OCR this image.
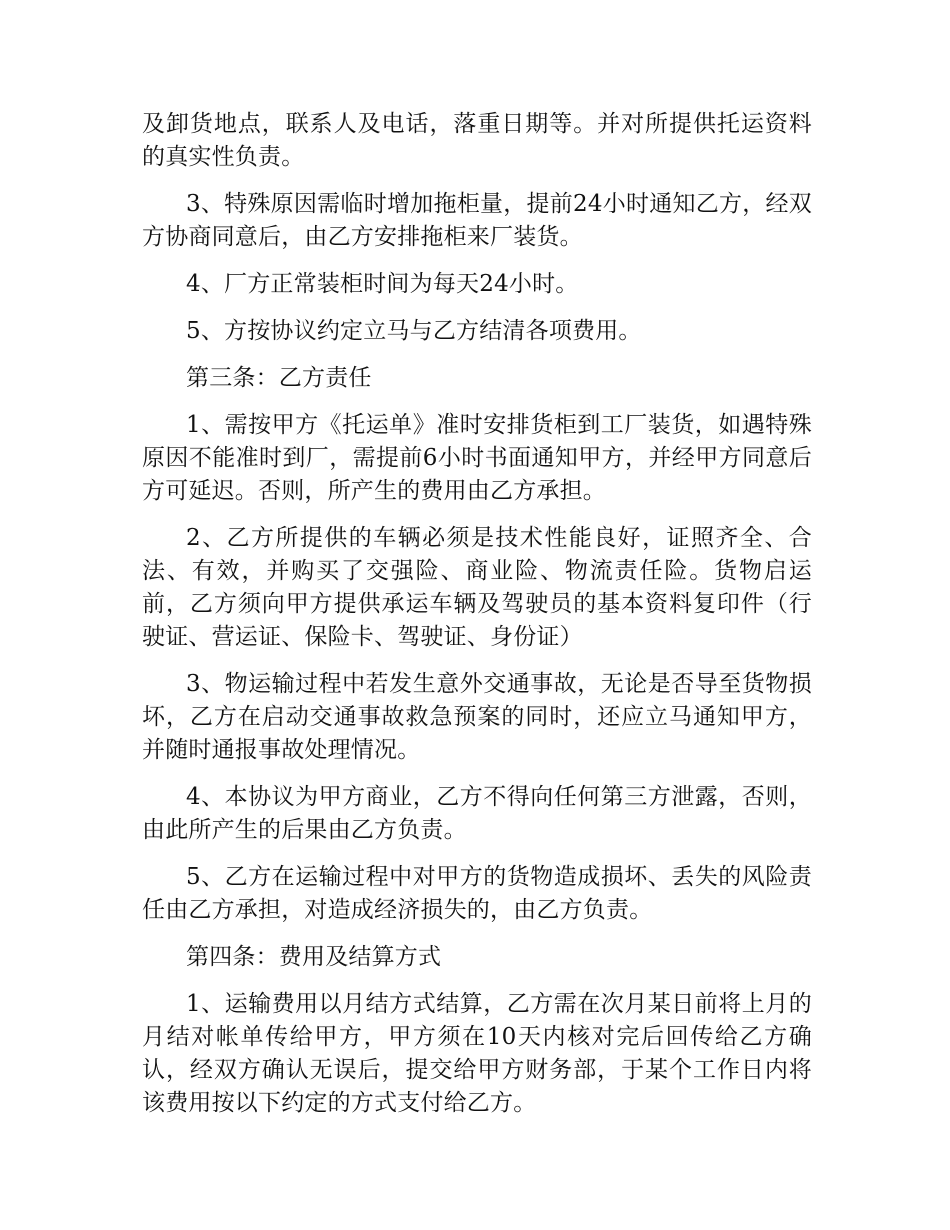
及卸货地点，联系人及电话，落重日期等。并对所提供托运资料的真实性负责。

3、特殊原因需临时增加拖柜量，提前24小时通知乙方，经双方协商同意后，由乙方安排拖柜来厂装货。

4、厂方正常装柜时间为每天24小时。

5、方按协议约定立马与乙方结清各项费用。

第三条：乙方责任

1、需按甲方《托运单》准时安排货柜到工厂装货，如遇特殊原因不能准时到厂，需提前6小时书面通知甲方，并经甲方同意后方可延迟。否则，所产生的费用由乙方承担。

2、乙方所提供的车辆必须是技术性能良好，证照齐全、合法、有效，并购买了交强险、商业险、物流责任险。货物启运前，乙方须向甲方提供承运车辆及驾驶员的基本资料复印件（行驶证、营运证、保险卡、驾驶证、身份证）

3、物运输过程中若发生意外交通事故，无论是否导至货物损坏，乙方在启动交通事故救急预案的同时，还应立马通知甲方，并随时通报事故处理情况。

4、本协议为甲方商业，乙方不得向任何第三方泄露，否则，由此所产生的后果由乙方负责。

5、乙方在运输过程中对甲方的货物造成损坏、丢失的风险责任由乙方承担，对造成经济损失的，由乙方负责。

第四条：费用及结算方式

1、运输费用以月结方式结算，乙方需在次月某日前将上月的月结对帐单传给甲方，甲方须在10天内核对完后回传给乙方确认，经双方确认无误后，提交给甲方财务部，于某个工作日内将该费用按以下约定的方式支付给乙方。
